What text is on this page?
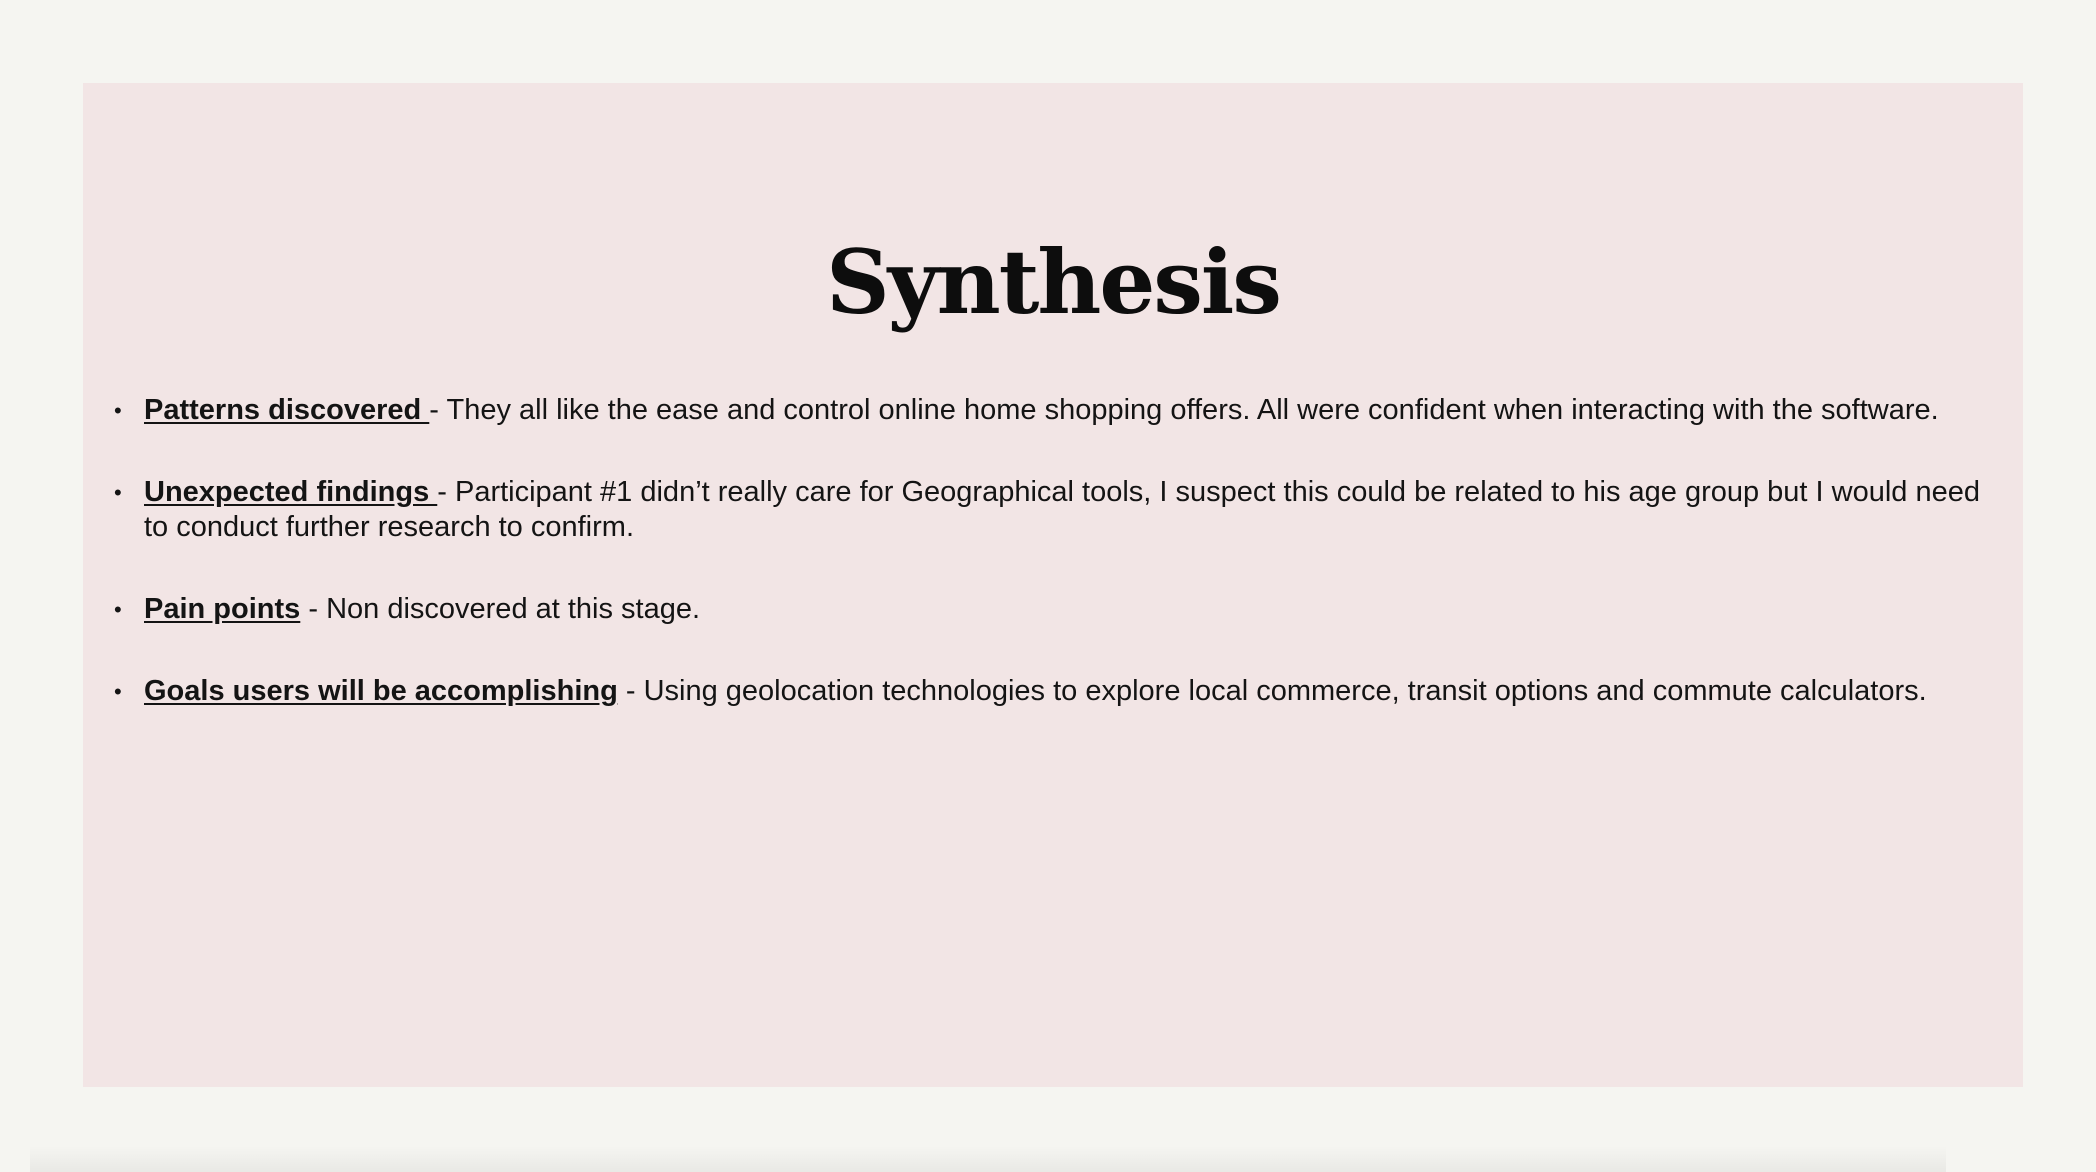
Synthesis
• Patterns discovered - They all like the ease and control online home shopping offers. All were confident when interacting with the software.
• Unexpected findings - Participant #1 didn’t really care for Geographical tools, I suspect this could be related to his age group but I would need to conduct further research to confirm.
• Pain points - Non discovered at this stage.
• Goals users will be accomplishing - Using geolocation technologies to explore local commerce, transit options and commute calculators.
